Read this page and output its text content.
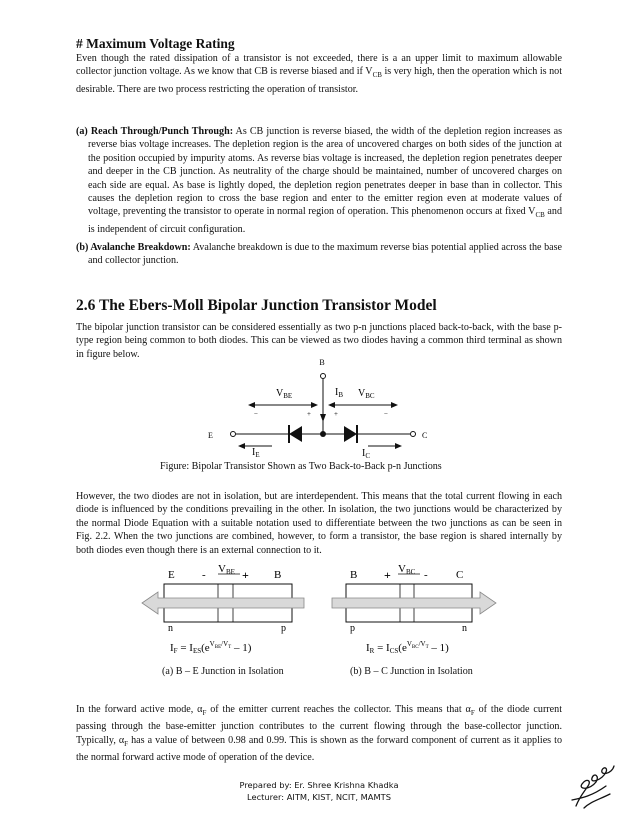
# Maximum Voltage Rating
Even though the rated dissipation of a transistor is not exceeded, there is a an upper limit to maximum allowable collector junction voltage. As we know that CB is reverse biased and if $V_{CB}$ is very high, then the operation which is not desirable. There are two process restricting the operation of transistor.
(a) Reach Through/Punch Through: As CB junction is reverse biased, the width of the depletion region increases as reverse bias voltage increases. The depletion region is the area of uncovered charges on both sides of the junction at the position occupied by impurity atoms. As reverse bias voltage is increased, the depletion region penetrates deeper and deeper in the CB junction. As neutrality of the charge should be maintained, number of uncovered charges on each side are equal. As base is lightly doped, the depletion region penetrates deeper in base than in collector. This causes the depletion region to cross the base region and enter to the emitter region even at moderate values of voltage, preventing the transistor to operate in normal region of operation. This phenomenon occurs at fixed $V_{CB}$ and is independent of circuit configuration.
(b) Avalanche Breakdown: Avalanche breakdown is due to the maximum reverse bias potential applied across the base and collector junction.
2.6 The Ebers-Moll Bipolar Junction Transistor Model
The bipolar junction transistor can be considered essentially as two p-n junctions placed back-to-back, with the base p-type region being common to both diodes. This can be viewed as two diodes having a common third terminal as shown in figure below.
B
$I_B$
$V_{BE}$
−	+
$V_{BC}$
+	−
E	C
$I_E$	$I_C$
Figure: Bipolar Transistor Shown as Two Back-to-Back p-n Junctions
However, the two diodes are not in isolation, but are interdependent. This means that the total current flowing in each diode is influenced by the conditions prevailing in the other. In isolation, the two junctions would be characterized by the normal Diode Equation with a suitable notation used to differentiate between the two junctions as can be seen in Fig. 2.2. When the two junctions are combined, however, to form a transistor, the base region is shared internally by both diodes even though there is an external connection to it.
E - VBE + B
n	p
IF = $IES(e^VBE/VT - 1)$
B + VBC -	C
p	n
IR = $ICS(e^VBC/VT - 1)$
(a) B – E Junction in Isolation	(b) B – C Junction in Isolation
In the forward active mode, $\alpha_F$ of the emitter current reaches the collector. This means that $\alpha_F$ of the diode current passing through the base-emitter junction contributes to the current flowing through the base-collector junction. Typically, $\alpha_F$ has a value of between 0.98 and 0.99. This is shown as the forward component of current as it applies to the normal forward active mode of operation of the device.
Prepared by: Er. Shree Krishna Khadka
Lecturer: AITM, KIST, NCIT, MAMTS
